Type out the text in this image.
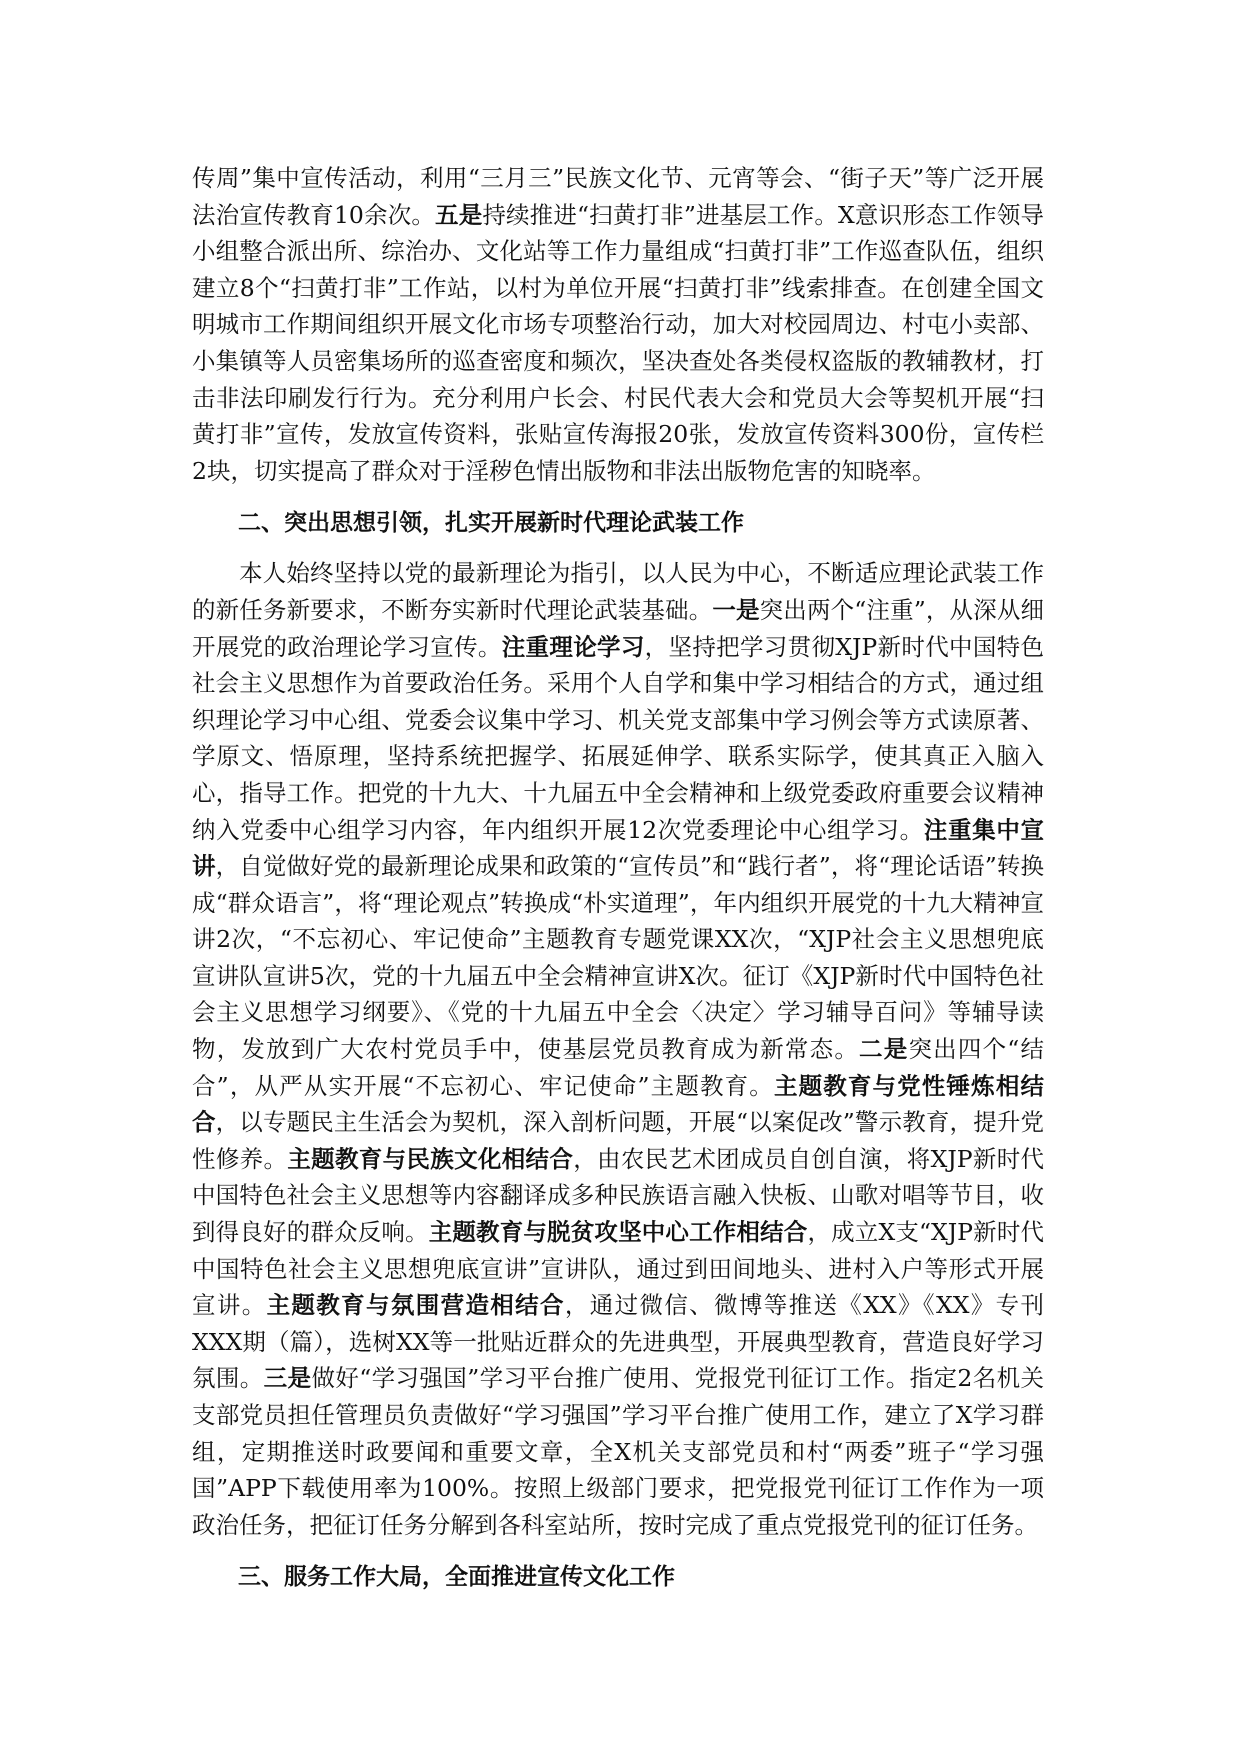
传周”集中宣传活动，利用“三月三”民族文化节、元宵等会、“街子天”等广泛开展法治宣传教育10余次。五是持续推进“扫黄打非”进基层工作。X意识形态工作领导小组整合派出所、综治办、文化站等工作力量组成“扫黄打非”工作巡查队伍，组织建立8个“扫黄打非”工作站，以村为单位开展“扫黄打非”线索排查。在创建全国文明城市工作期间组织开展文化市场专项整治行动，加大对校园周边、村屯小卖部、小集镇等人员密集场所的巡查密度和频次，坚决查处各类侵权盗版的教辅教材，打击非法印刷发行行为。充分利用户长会、村民代表大会和党员大会等契机开展“扫黄打非”宣传，发放宣传资料，张贴宣传海报20张，发放宣传资料300份，宣传栏2块，切实提高了群众对于淫秽色情出版物和非法出版物危害的知晓率。

二、突出思想引领，扎实开展新时代理论武装工作

本人始终坚持以党的最新理论为指引，以人民为中心，不断适应理论武装工作的新任务新要求，不断夯实新时代理论武装基础。一是突出两个“注重”，从深从细开展党的政治理论学习宣传。注重理论学习，坚持把学习贯彻XJP新时代中国特色社会主义思想作为首要政治任务。采用个人自学和集中学习相结合的方式，通过组织理论学习中心组、党委会议集中学习、机关党支部集中学习例会等方式读原著、学原文、悟原理，坚持系统把握学、拓展延伸学、联系实际学，使其真正入脑入心，指导工作。把党的十九大、十九届五中全会精神和上级党委政府重要会议精神纳入党委中心组学习内容，年内组织开展12次党委理论中心组学习。注重集中宣讲，自觉做好党的最新理论成果和政策的“宣传员”和“践行者”，将“理论话语”转换成“群众语言”，将“理论观点”转换成“朴实道理”，年内组织开展党的十九大精神宣讲2次，“不忘初心、牢记使命”主题教育专题党课XX次，“XJP社会主义思想兜底宣讲队宣讲5次，党的十九届五中全会精神宣讲X次。征订《XJP新时代中国特色社会主义思想学习纲要》、《党的十九届五中全会〈决定〉学习辅导百问》等辅导读物，发放到广大农村党员手中，使基层党员教育成为新常态。二是突出四个“结合”，从严从实开展“不忘初心、牢记使命”主题教育。主题教育与党性锤炼相结合，以专题民主生活会为契机，深入剖析问题，开展“以案促改”警示教育，提升党性修养。主题教育与民族文化相结合，由农民艺术团成员自创自演，将XJP新时代中国特色社会主义思想等内容翻译成多种民族语言融入快板、山歌对唱等节目，收到得良好的群众反响。主题教育与脱贫攻坚中心工作相结合，成立X支“XJP新时代中国特色社会主义思想兜底宣讲”宣讲队，通过到田间地头、进村入户等形式开展宣讲。主题教育与氛围营造相结合，通过微信、微博等推送《XX》《XX》专刊XXX期（篇），选树XX等一批贴近群众的先进典型，开展典型教育，营造良好学习氛围。三是做好“学习强国”学习平台推广使用、党报党刊征订工作。指定2名机关支部党员担任管理员负责做好“学习强国”学习平台推广使用工作，建立了X学习群组，定期推送时政要闻和重要文章，全X机关支部党员和村“两委”班子“学习强国”APP下载使用率为100%。按照上级部门要求，把党报党刊征订工作作为一项政治任务，把征订任务分解到各科室站所，按时完成了重点党报党刊的征订任务。

三、服务工作大局，全面推进宣传文化工作
